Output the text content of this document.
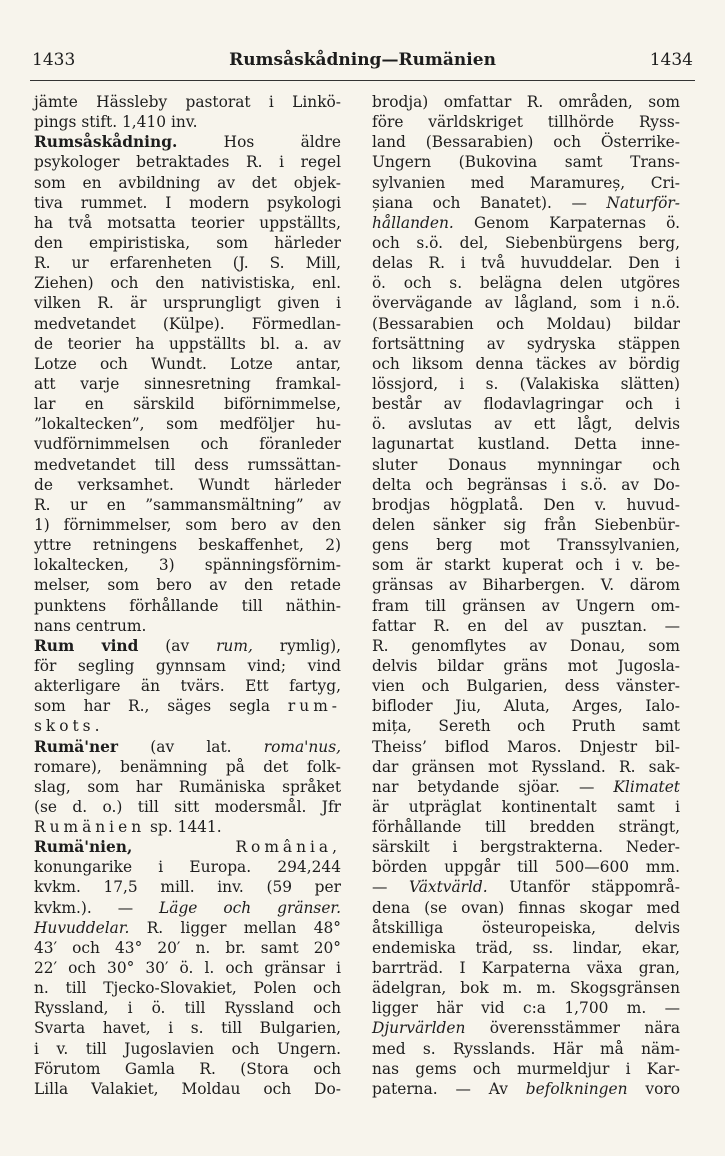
1433	Rumsåskådning—Rumänien	1434

jämte Hässleby pastorat i Linkö-

pings stift. 1,410 inv.

Rumsåskådning. Hos äldre

psykologer betraktades R. i regel

som en avbildning av det objek-

tiva rummet. I modern psykologi

ha två motsatta teorier uppställts,

den empiristiska, som härleder

R. ur erfarenheten (J. S. Mill,

Ziehen) och den nativistiska, enl.

vilken R. är ursprungligt given i

medvetandet (Külpe). Förmedlan-

de teorier ha uppställts bl. a. av

Lotze och Wundt. Lotze antar,

att varje sinnesretning framkal-

lar en särskild biförnimmelse,

”lokaltecken”, som medföljer hu-

vudförnimmelsen och föranleder

medvetandet till dess rumssättan-

de verksamhet. Wundt härleder

R. ur en ”sammansmältning” av

1) förnimmelser, som bero av den

yttre retningens beskaffenhet, 2)

lokaltecken, 3) spänningsförnim-

melser, som bero av den retade

punktens förhållande till näthin-

nans centrum.

Rum vind (av rum, rymlig),

för segling gynnsam vind; vind

akterligare än tvärs. Ett fartyg,

som har R., säges segla rum-

skots.

Rumä'ner (av lat. roma'nus,

romare), benämning på det folk-

slag, som har Rumäniska språket

(se d. o.) till sitt modersmål. Jfr

Rumänien sp. 1441.

Rumä'nien, România,

konungarike i Europa. 294,244

kvkm. 17,5 mill. inv. (59 per

kvkm.). — Läge och gränser.

Huvuddelar. R. ligger mellan 48°

43′ och 43° 20′ n. br. samt 20°

22′ och 30° 30′ ö. l. och gränsar i

n. till Tjecko-Slovakiet, Polen och

Ryssland, i ö. till Ryssland och

Svarta havet, i s. till Bulgarien,

i v. till Jugoslavien och Ungern.

Förutom Gamla R. (Stora och

Lilla Valakiet, Moldau och Do-

brodja) omfattar R. områden, som

före världskriget tillhörde Ryss-

land (Bessarabien) och Österrike-

Ungern (Bukovina samt Trans-

sylvanien med Maramureș, Cri-

șiana och Banatet). — Naturför-

hållanden. Genom Karpaternas ö.

och s.ö. del, Siebenbürgens berg,

delas R. i två huvuddelar. Den i

ö. och s. belägna delen utgöres

övervägande av lågland, som i n.ö.

(Bessarabien och Moldau) bildar

fortsättning av sydryska stäppen

och liksom denna täckes av bördig

lössjord, i s. (Valakiska slätten)

består av flodavlagringar och i

ö. avslutas av ett lågt, delvis

lagunartat kustland. Detta inne-

sluter Donaus mynningar och

delta och begränsas i s.ö. av Do-

brodjas högplatå. Den v. huvud-

delen sänker sig från Siebenbür-

gens berg mot Transsylvanien,

som är starkt kuperat och i v. be-

gränsas av Biharbergen. V. därom

fram till gränsen av Ungern om-

fattar R. en del av pusztan. —

R. genomflytes av Donau, som

delvis bildar gräns mot Jugosla-

vien och Bulgarien, dess vänster-

bifloder Jiu, Aluta, Arges, Ialo-

mița, Sereth och Pruth samt

Theiss’ biflod Maros. Dnjestr bil-

dar gränsen mot Ryssland. R. sak-

nar betydande sjöar. — Klimatet

är utpräglat kontinentalt samt i

förhållande till bredden strängt,

särskilt i bergstrakterna. Neder-

börden uppgår till 500—600 mm.

— Växtvärld. Utanför stäppområ-

dena (se ovan) finnas skogar med

åtskilliga östeuropeiska, delvis

endemiska träd, ss. lindar, ekar,

barrträd. I Karpaterna växa gran,

ädelgran, bok m. m. Skogsgränsen

ligger här vid c:a 1,700 m. —

Djurvärlden överensstämmer nära

med s. Rysslands. Här må näm-

nas gems och murmeldjur i Kar-

paterna. — Av befolkningen voro
